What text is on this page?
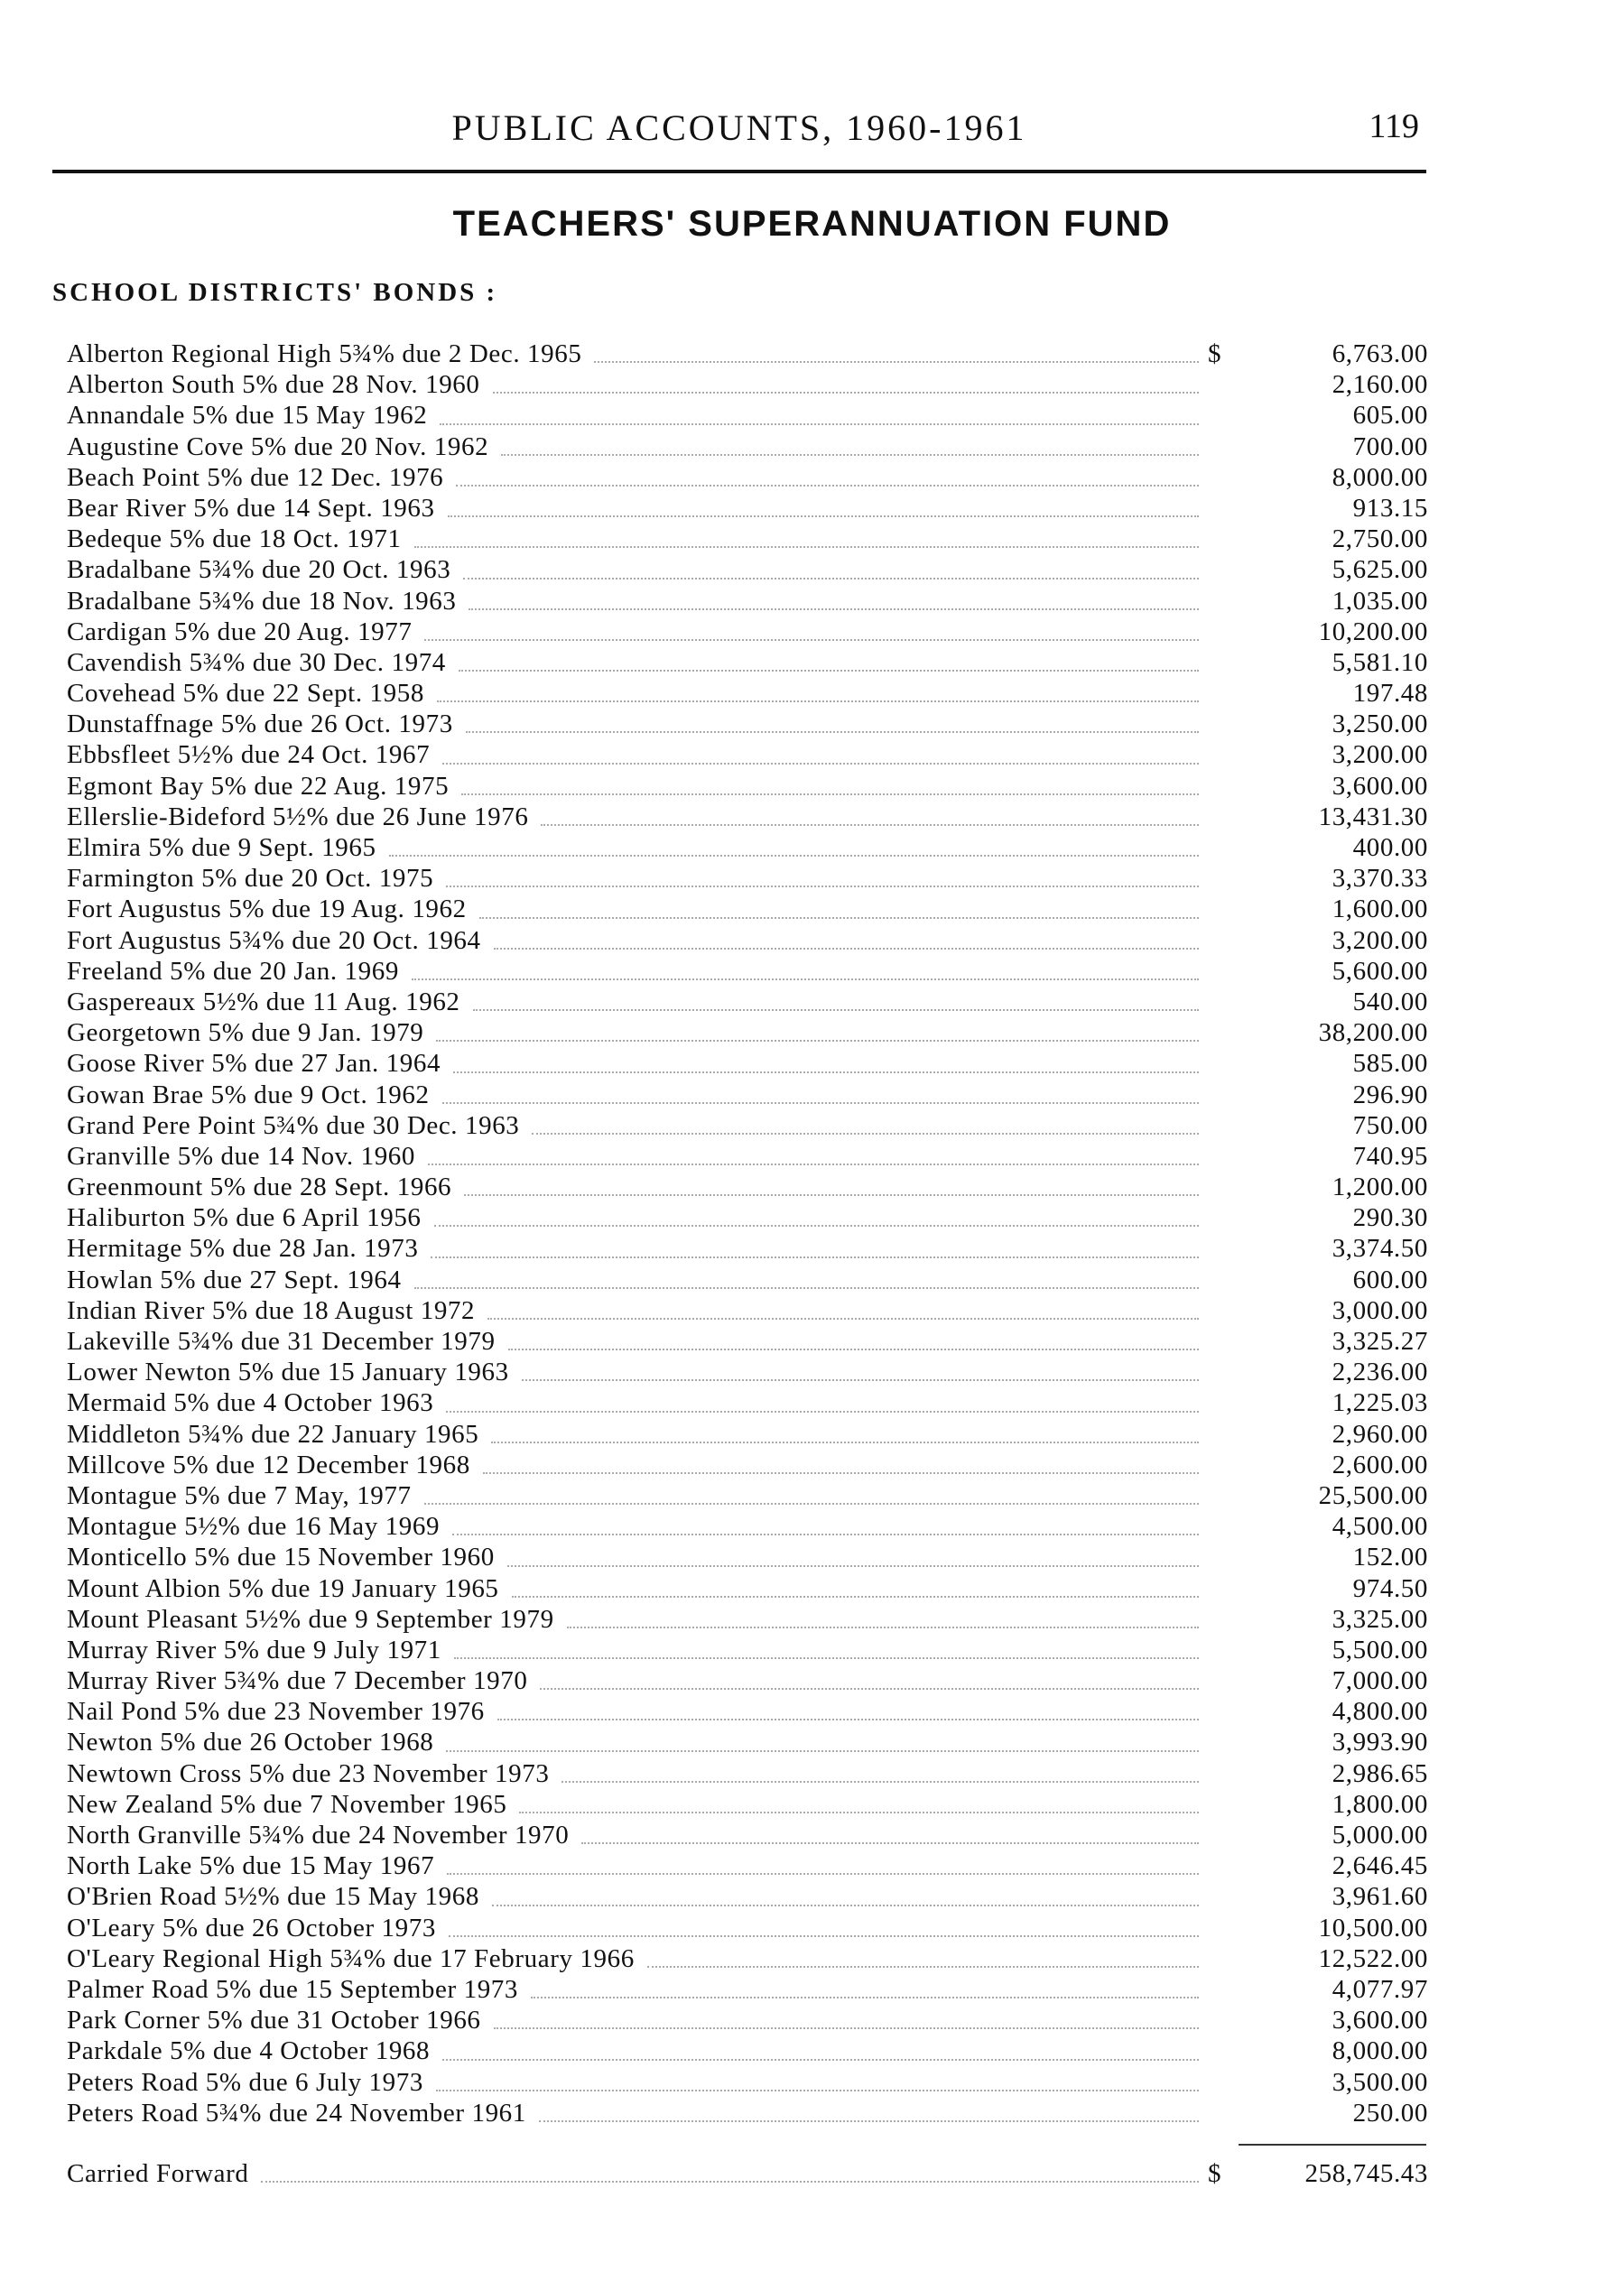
PUBLIC ACCOUNTS, 1960-1961	119
TEACHERS' SUPERANNUATION FUND
SCHOOL DISTRICTS' BONDS :
Alberton Regional High 5¾% due 2 Dec. 1965	$	6,763.00
Alberton South 5% due 28 Nov. 1960	2,160.00
Annandale 5% due 15 May 1962	605.00
Augustine Cove 5% due 20 Nov. 1962	700.00
Beach Point 5% due 12 Dec. 1976	8,000.00
Bear River 5% due 14 Sept. 1963	913.15
Bedeque 5% due 18 Oct. 1971	2,750.00
Bradalbane 5¾% due 20 Oct. 1963	5,625.00
Bradalbane 5¾% due 18 Nov. 1963	1,035.00
Cardigan 5% due 20 Aug. 1977	10,200.00
Cavendish 5¾% due 30 Dec. 1974	5,581.10
Covehead 5% due 22 Sept. 1958	197.48
Dunstaffnage 5% due 26 Oct. 1973	3,250.00
Ebbsfleet 5½% due 24 Oct. 1967	3,200.00
Egmont Bay 5% due 22 Aug. 1975	3,600.00
Ellerslie-Bideford 5½% due 26 June 1976	13,431.30
Elmira 5% due 9 Sept. 1965	400.00
Farmington 5% due 20 Oct. 1975	3,370.33
Fort Augustus 5% due 19 Aug. 1962	1,600.00
Fort Augustus 5¾% due 20 Oct. 1964	3,200.00
Freeland 5% due 20 Jan. 1969	5,600.00
Gaspereaux 5½% due 11 Aug. 1962	540.00
Georgetown 5% due 9 Jan. 1979	38,200.00
Goose River 5% due 27 Jan. 1964	585.00
Gowan Brae 5% due 9 Oct. 1962	296.90
Grand Pere Point 5¾% due 30 Dec. 1963	750.00
Granville 5% due 14 Nov. 1960	740.95
Greenmount 5% due 28 Sept. 1966	1,200.00
Haliburton 5% due 6 April 1956	290.30
Hermitage 5% due 28 Jan. 1973	3,374.50
Howlan 5% due 27 Sept. 1964	600.00
Indian River 5% due 18 August 1972	3,000.00
Lakeville 5¾% due 31 December 1979	3,325.27
Lower Newton 5% due 15 January 1963	2,236.00
Mermaid 5% due 4 October 1963	1,225.03
Middleton 5¾% due 22 January 1965	2,960.00
Millcove 5% due 12 December 1968	2,600.00
Montague 5% due 7 May, 1977	25,500.00
Montague 5½% due 16 May 1969	4,500.00
Monticello 5% due 15 November 1960	152.00
Mount Albion 5% due 19 January 1965	974.50
Mount Pleasant 5½% due 9 September 1979	3,325.00
Murray River 5% due 9 July 1971	5,500.00
Murray River 5¾% due 7 December 1970	7,000.00
Nail Pond 5% due 23 November 1976	4,800.00
Newton 5% due 26 October 1968	3,993.90
Newtown Cross 5% due 23 November 1973	2,986.65
New Zealand 5% due 7 November 1965	1,800.00
North Granville 5¾% due 24 November 1970	5,000.00
North Lake 5% due 15 May 1967	2,646.45
O'Brien Road 5½% due 15 May 1968	3,961.60
O'Leary 5% due 26 October 1973	10,500.00
O'Leary Regional High 5¾% due 17 February 1966	12,522.00
Palmer Road 5% due 15 September 1973	4,077.97
Park Corner 5% due 31 October 1966	3,600.00
Parkdale 5% due 4 October 1968	8,000.00
Peters Road 5% due 6 July 1973	3,500.00
Peters Road 5¾% due 24 November 1961	250.00
Carried Forward	$	258,745.43
